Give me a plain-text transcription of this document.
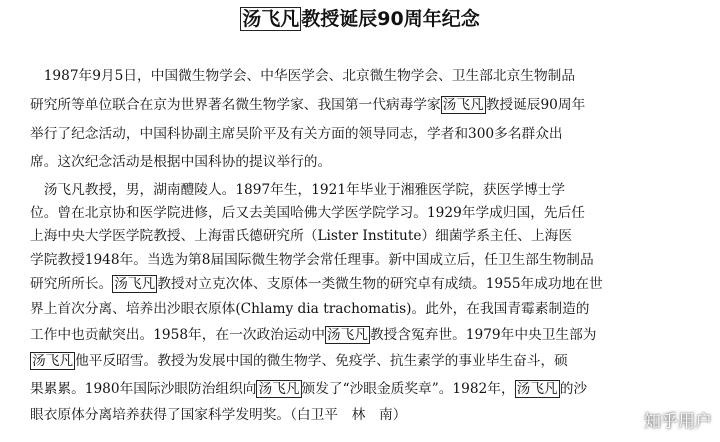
汤飞凡 教授诞辰90周年纪念

　1987年9月5日，中国微生物学会、中华医学会、北京微生物学会、卫生部北京生物制品

研究所等单位联合在京为世界著名微生物学家、我国第一代病毒学家 汤飞凡 教授诞辰90周年

举行了纪念活动，中国科协副主席吴阶平及有关方面的领导同志，学者和300多名群众出

席。这次纪念活动是根据中国科协的提议举行的。

　汤飞凡教授，男，湖南醴陵人。1897年生，1921年毕业于湘雅医学院，获医学博士学

位。曾在北京协和医学院进修，后又去美国哈佛大学医学院学习。1929年学成归国，先后任

上海中央大学医学院教授、上海雷氏德研究所（Lister Institute）细菌学系主任、上海医

学院教授1948年。当选为第8届国际微生物学会常任理事。新中国成立后，任卫生部生物制品

研究所所长。 汤飞凡 教授对立克次体、支原体一类微生物的研究卓有成绩。1955年成功地在世

界上首次分离、培养出沙眼衣原体(Chlamy dia trachomatis)。此外，在我国青霉素制造的

工作中也贡献突出。1958年，在一次政治运动中 汤飞凡 教授含冤弃世。1979年中央卫生部为

汤飞凡 他平反昭雪。教授为发展中国的微生物学、免疫学、抗生素学的事业毕生奋斗，硕

果累累。1980年国际沙眼防治组织向 汤飞凡 颁发了“沙眼金质奖章”。1982年， 汤飞凡 的沙

眼衣原体分离培养获得了国家科学发明奖。（白卫平　林　南）	知乎用户
